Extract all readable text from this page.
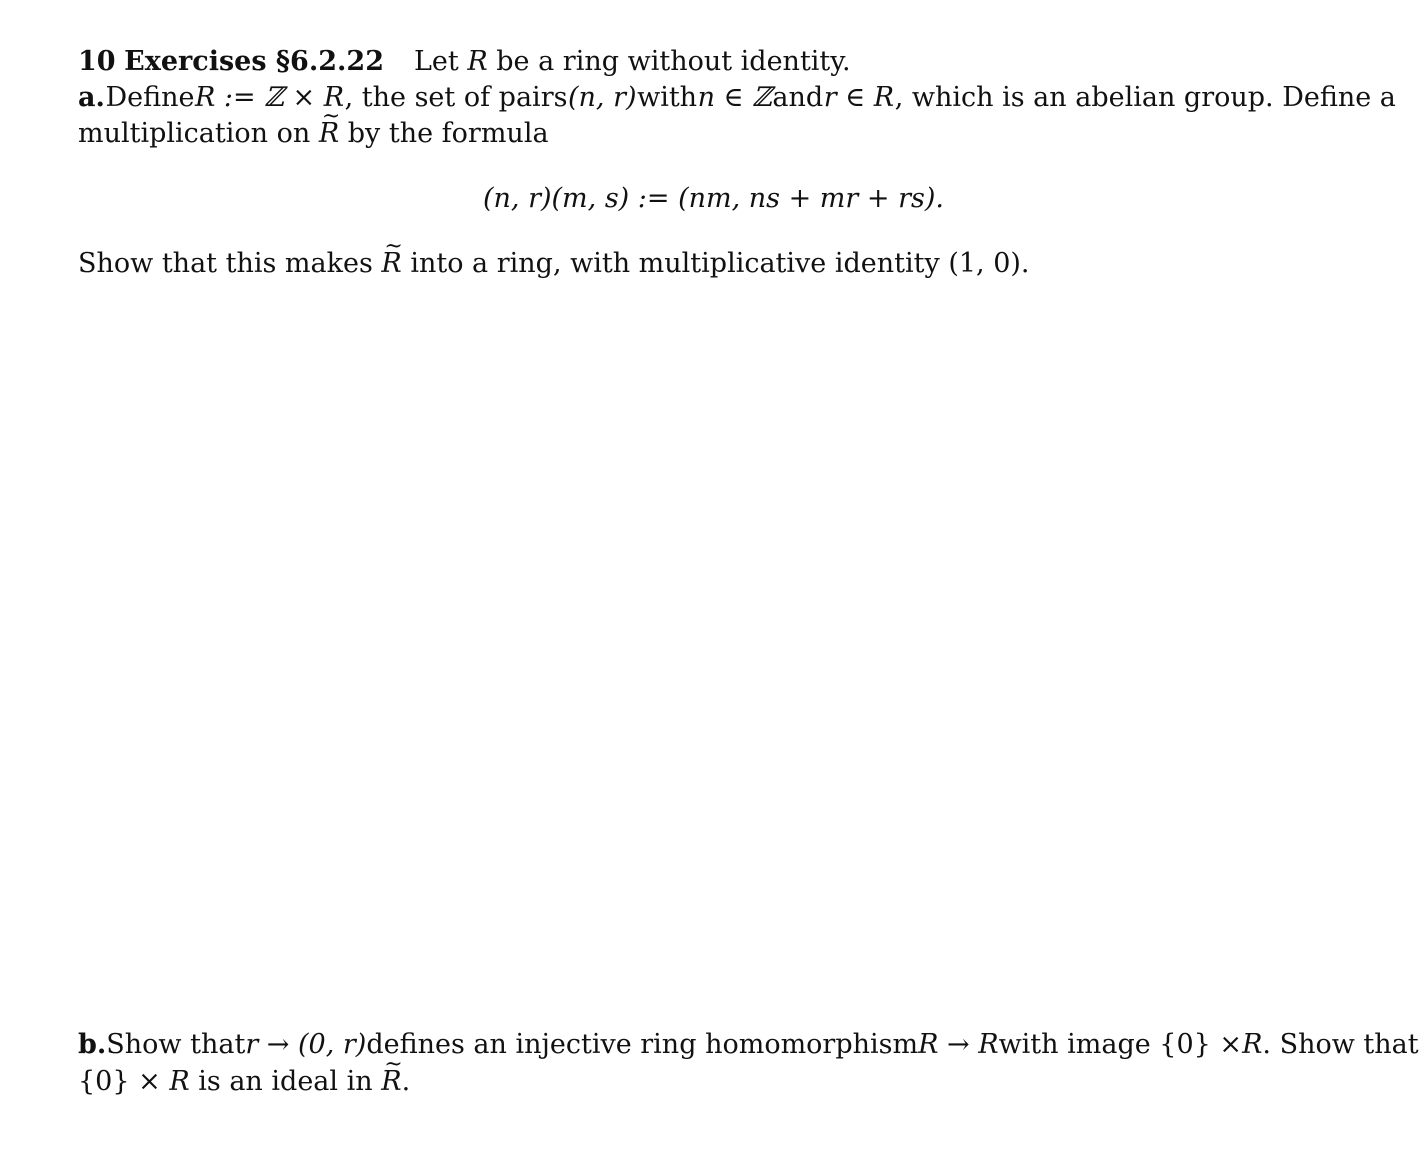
10 Exercises §6.2.22 Let R be a ring without identity.
a. Define R := ℤ × R , the set of pairs (n, r) with n ∈ ℤ and r ∈ R , which is an abelian group. Define a
multiplication on ~ R by the formula
(n, r)(m, s) := (nm, ns + mr + rs).
Show that this makes ~ R into a ring, with multiplicative identity (1, 0).
b. Show that r → (0, r) defines an injective ring homomorphism R → R with image {0} × R . Show that
{0} × R is an ideal in ~ R.
